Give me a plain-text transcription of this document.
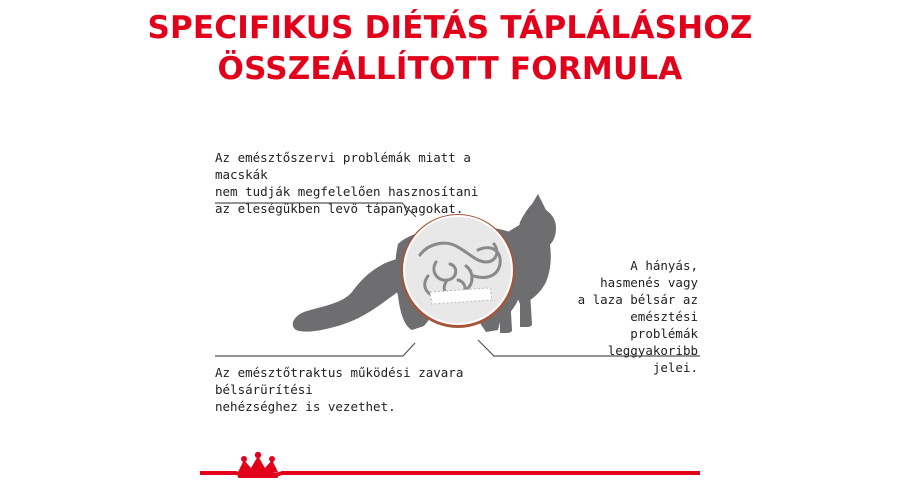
SPECIFIKUS DIÉTÁS TÁPLÁLÁSHOZ
ÖSSZEÁLLÍTOTT FORMULA
Az emésztőszervi problémák miatt a macskák
nem tudják megfelelően hasznosítani
az eleségükben levő tápanyagokat.
A hányás,
hasmenés vagy
a laza bélsár az
emésztési
problémák
leggyakoribb jelei.
Az emésztőtraktus működési zavara
bélsárürítési
nehézséghez is vezethet.
